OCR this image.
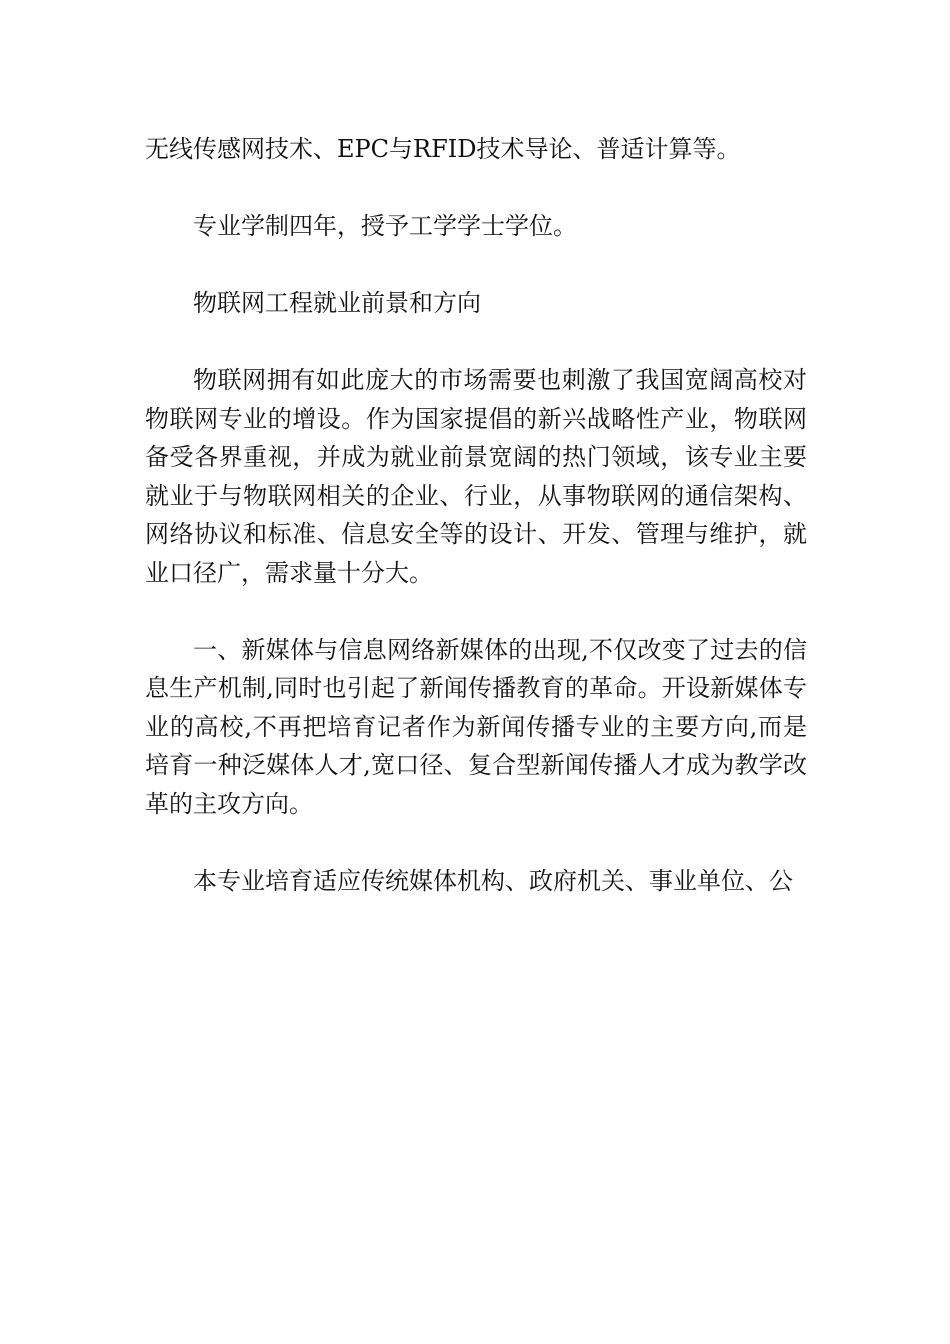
无线传感网技术、EPC与RFID技术导论、普适计算等。

专业学制四年，授予工学学士学位。

物联网工程就业前景和方向

物联网拥有如此庞大的市场需要也刺激了我国宽阔高校对物联网专业的增设。作为国家提倡的新兴战略性产业，物联网备受各界重视，并成为就业前景宽阔的热门领域，该专业主要就业于与物联网相关的企业、行业，从事物联网的通信架构、网络协议和标准、信息安全等的设计、开发、管理与维护，就业口径广，需求量十分大。

一、新媒体与信息网络新媒体的出现,不仅改变了过去的信息生产机制,同时也引起了新闻传播教育的革命。开设新媒体专业的高校,不再把培育记者作为新闻传播专业的主要方向,而是培育一种泛媒体人才,宽口径、复合型新闻传播人才成为教学改革的主攻方向。

本专业培育适应传统媒体机构、政府机关、事业单位、公
